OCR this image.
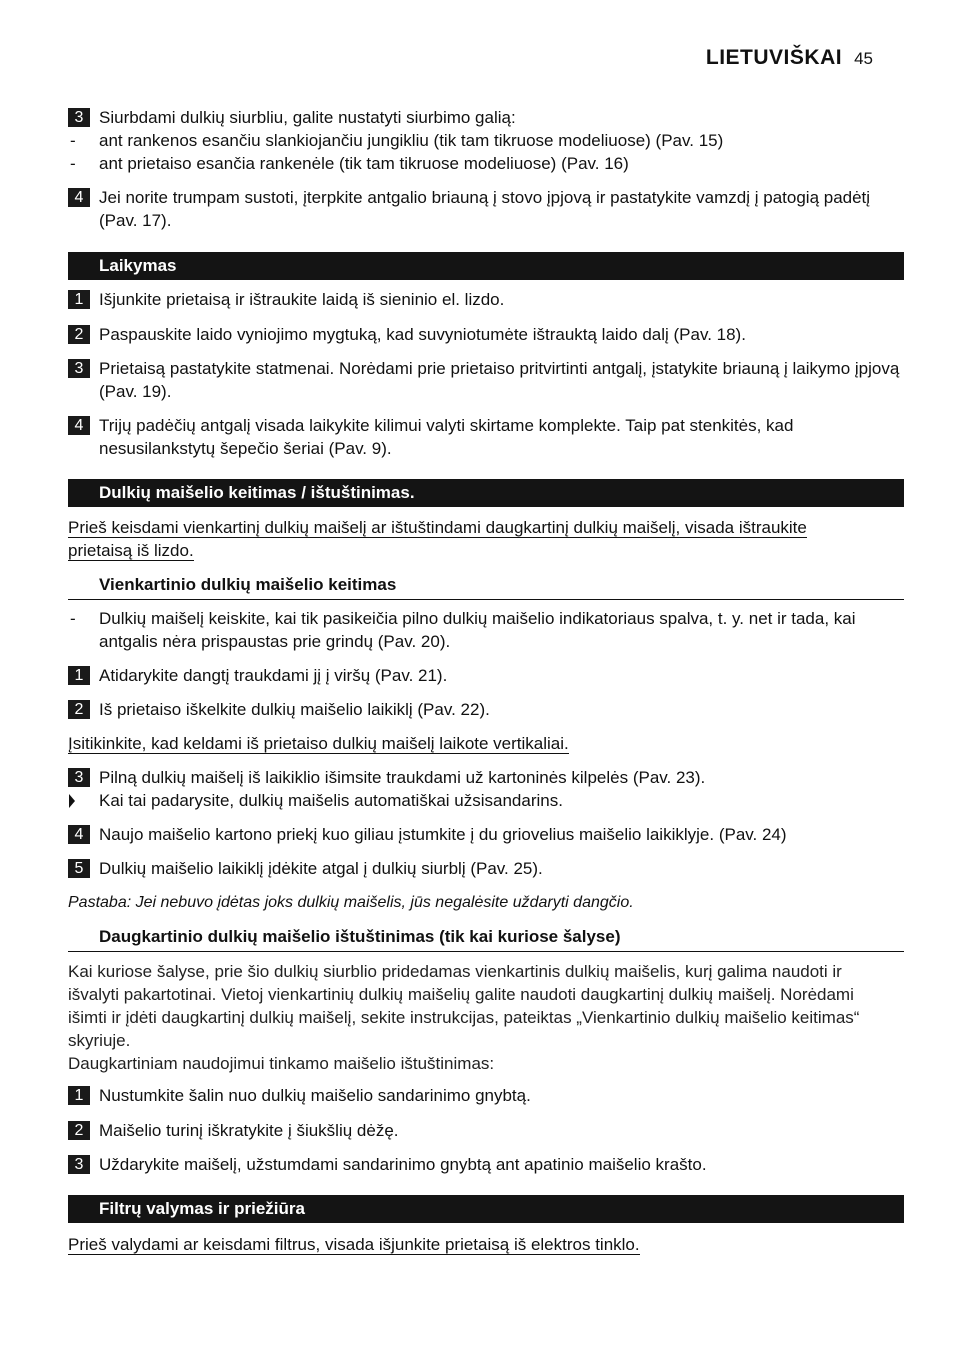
LIETUVIŠKAI 45
3 Siurbdami dulkių siurbliu, galite nustatyti siurbimo galią:
- ant rankenos esančiu slankiojančiu jungikliu (tik tam tikruose modeliuose) (Pav. 15)
- ant prietaiso esančia rankenėle (tik tam tikruose modeliuose) (Pav. 16)
4 Jei norite trumpam sustoti, įterpkite antgalio briauną į stovo įpjovą ir pastatykite vamzdį į patogią padėtį (Pav. 17).
Laikymas
1 Išjunkite prietaisą ir ištraukite laidą iš sieninio el. lizdo.
2 Paspauskite laido vyniojimo mygtuką, kad suvyniotumėte ištrauktą laido dalį (Pav. 18).
3 Prietaisą pastatykite statmenai. Norėdami prie prietaiso pritvirtinti antgalį, įstatykite briauną į laikymo įpjovą (Pav. 19).
4 Trijų padėčių antgalį visada laikykite kilimui valyti skirtame komplekte. Taip pat stenkitės, kad nesusilankstytų šepečio šeriai (Pav. 9).
Dulkių maišelio keitimas / ištuštinimas.
Prieš keisdami vienkartinį dulkių maišelį ar ištuštindami daugkartinį dulkių maišelį, visada ištraukite prietaisą iš lizdo.
Vienkartinio dulkių maišelio keitimas
- Dulkių maišelį keiskite, kai tik pasikeičia pilno dulkių maišelio indikatoriaus spalva, t. y. net ir tada, kai antgalis nėra prispaustas prie grindų (Pav. 20).
1 Atidarykite dangtį traukdami jį į viršų (Pav. 21).
2 Iš prietaiso iškelkite dulkių maišelio laikiklį (Pav. 22).
Įsitikinkite, kad keldami iš prietaiso dulkių maišelį laikote vertikaliai.
3 Pilną dulkių maišelį iš laikiklio išimsite traukdami už kartoninės kilpelės (Pav. 23).
Kai tai padarysite, dulkių maišelis automatiškai užsisandarins.
4 Naujo maišelio kartono priekį kuo giliau įstumkite į du griovelius maišelio laikiklyje. (Pav. 24)
5 Dulkių maišelio laikiklį įdėkite atgal į dulkių siurblį (Pav. 25).
Pastaba: Jei nebuvo įdėtas joks dulkių maišelis, jūs negalėsite uždaryti dangčio.
Daugkartinio dulkių maišelio ištuštinimas (tik kai kuriose šalyse)
Kai kuriose šalyse, prie šio dulkių siurblio pridedamas vienkartinis dulkių maišelis, kurį galima naudoti ir išvalyti pakartotinai. Vietoj vienkartinių dulkių maišelių galite naudoti daugkartinį dulkių maišelį. Norėdami išimti ir įdėti daugkartinį dulkių maišelį, sekite instrukcijas, pateiktas „Vienkartinio dulkių maišelio keitimas“ skyriuje.
Daugkartiniam naudojimui tinkamo maišelio ištuštinimas:
1 Nustumkite šalin nuo dulkių maišelio sandarinimo gnybtą.
2 Maišelio turinį iškratykite į šiukšlių dėžę.
3 Uždarykite maišelį, užstumdami sandarinimo gnybtą ant apatinio maišelio krašto.
Filtrų valymas ir priežiūra
Prieš valydami ar keisdami filtrus, visada išjunkite prietaisą iš elektros tinklo.
